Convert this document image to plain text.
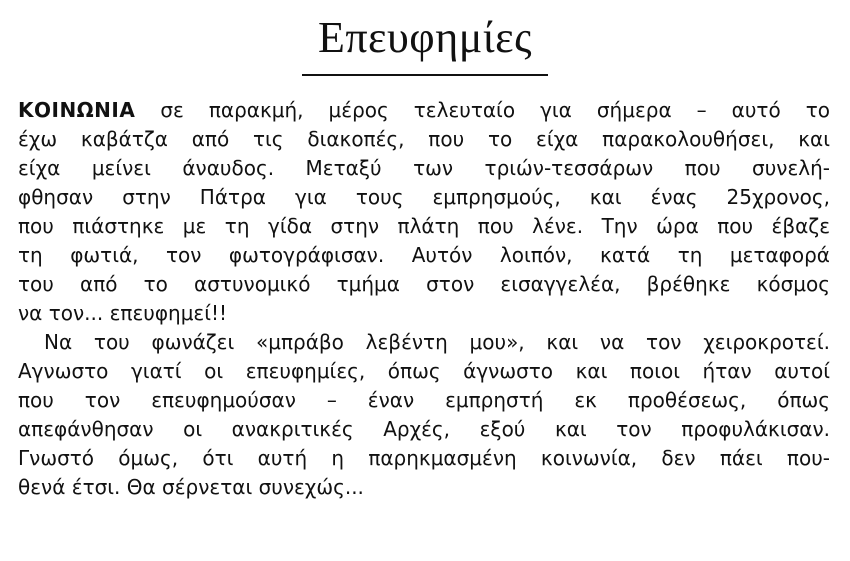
Επευφημίες
ΚΟΙΝΩΝΙΑ σε παρακμή, μέρος τελευταίο για σήμερα – αυτό το
έχω καβάτζα από τις διακοπές, που το είχα παρακολουθήσει, και
είχα μείνει άναυδος. Μεταξύ των τριών-τεσσάρων που συνελή-
φθησαν στην Πάτρα για τους εμπρησμούς, και ένας 25χρονος,
που πιάστηκε με τη γίδα στην πλάτη που λένε. Την ώρα που έβαζε
τη φωτιά, τον φωτογράφισαν. Αυτόν λοιπόν, κατά τη μεταφορά
του από το αστυνομικό τμήμα στον εισαγγελέα, βρέθηκε κόσμος
να τον... επευφημεί!!
Να του φωνάζει «μπράβο λεβέντη μου», και να τον χειροκροτεί.
Αγνωστο γιατί οι επευφημίες, όπως άγνωστο και ποιοι ήταν αυτοί
που τον επευφημούσαν – έναν εμπρηστή εκ προθέσεως, όπως
απεφάνθησαν οι ανακριτικές Αρχές, εξού και τον προφυλάκισαν.
Γνωστό όμως, ότι αυτή η παρηκμασμένη κοινωνία, δεν πάει που-
θενά έτσι. Θα σέρνεται συνεχώς...
